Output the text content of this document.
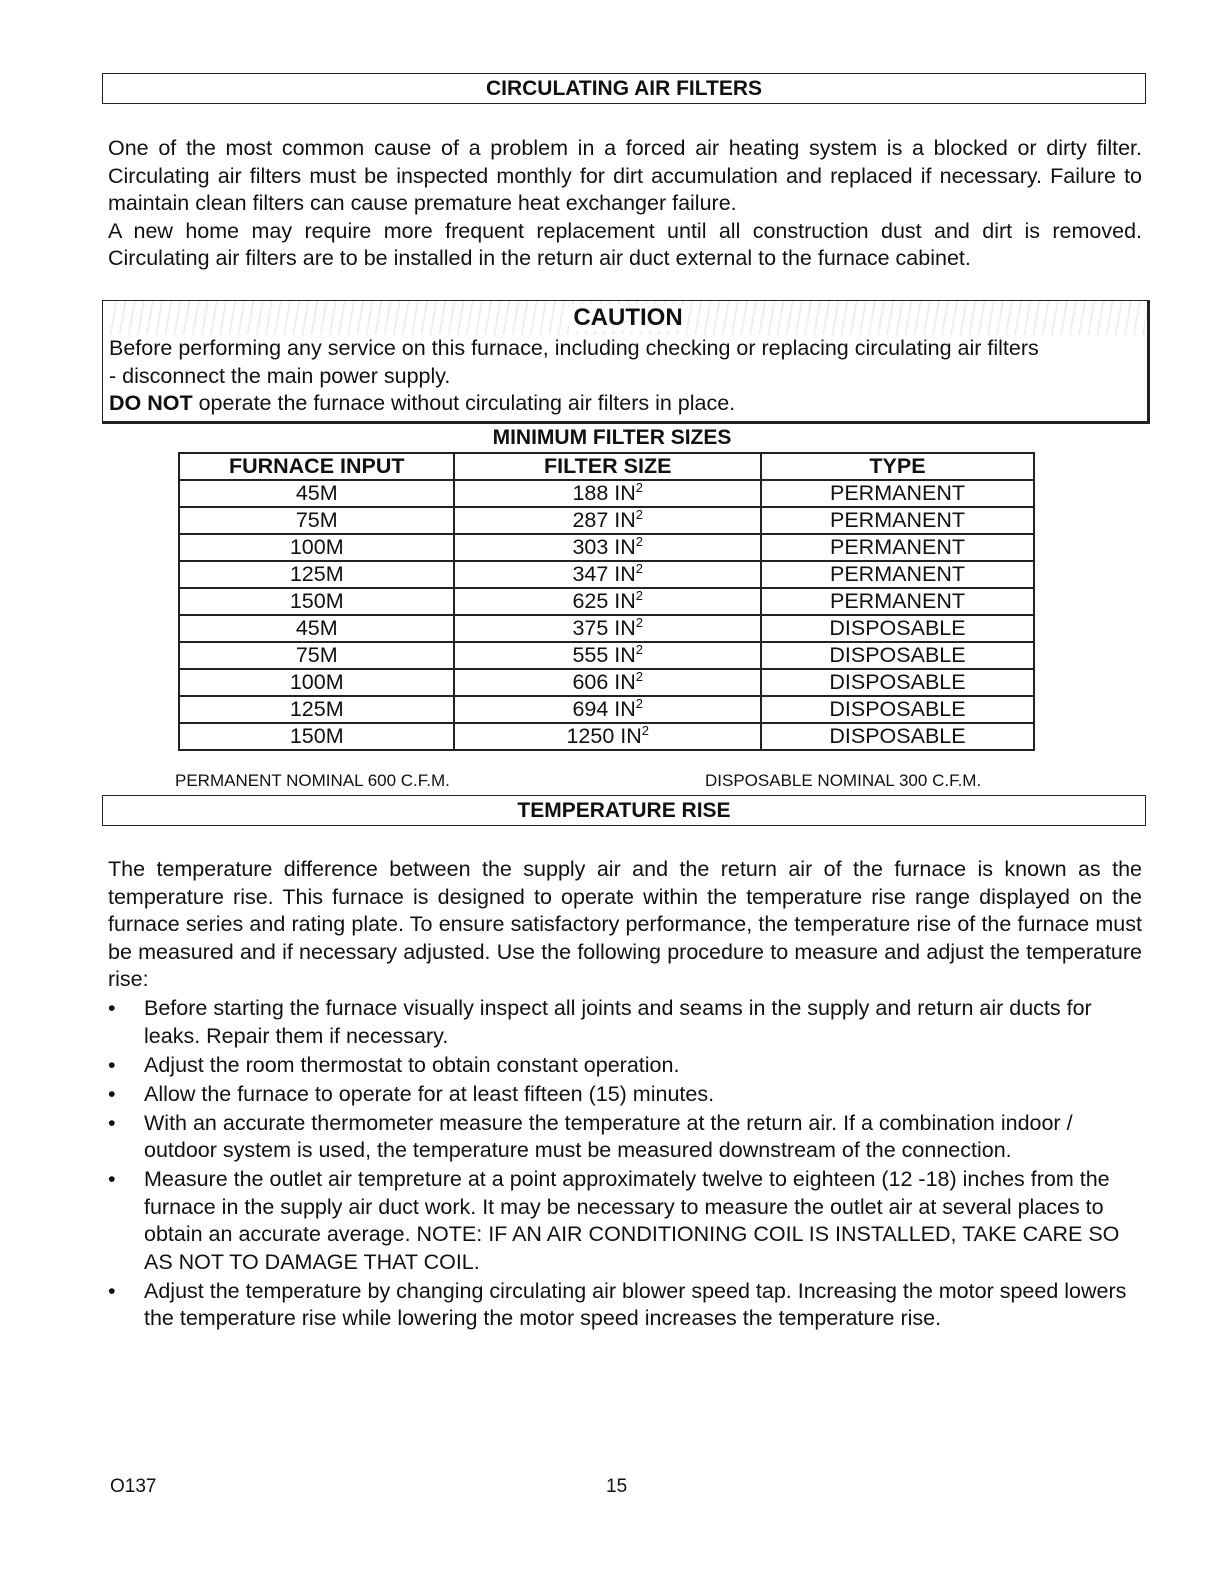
CIRCULATING AIR FILTERS

One of the most common cause of a problem in a forced air heating system is a blocked or dirty filter. Circulating air filters must be inspected monthly for dirt accumulation and replaced if necessary. Failure to maintain clean filters can cause premature heat exchanger failure.

A new home may require more frequent replacement until all construction dust and dirt is removed. Circulating air filters are to be installed in the return air duct external to the furnace cabinet.

CAUTION
Before performing any service on this furnace, including checking or replacing circulating air filters
- disconnect the main power supply.
DO NOT operate the furnace without circulating air filters in place.
MINIMUM FILTER SIZES
FURNACE INPUT	FILTER SIZE	TYPE
45M	188 $IN^2$	PERMANENT
75M	287 $IN^2$	PERMANENT
100M	303 $IN^2$	PERMANENT
125M	347 $IN^2$	PERMANENT
150M	625 $IN^2$	PERMANENT
45M	375 $IN^2$	DISPOSABLE
75M	555 $IN^2$	DISPOSABLE
100M	606 $IN^2$	DISPOSABLE
125M	694 $IN^2$	DISPOSABLE
150M	1250 $IN^2$	DISPOSABLE
PERMANENT NOMINAL 600 C.F.M.	DISPOSABLE NOMINAL 300 C.F.M.
TEMPERATURE RISE

The temperature difference between the supply air and the return air of the furnace is known as the temperature rise. This furnace is designed to operate within the temperature rise range displayed on the furnace series and rating plate. To ensure satisfactory performance, the temperature rise of the furnace must be measured and if necessary adjusted. Use the following procedure to measure and adjust the temperature rise:

•	Before starting the furnace visually inspect all joints and seams in the supply and return air ducts for leaks. Repair them if necessary.
•	Adjust the room thermostat to obtain constant operation.
•	Allow the furnace to operate for at least fifteen (15) minutes.
•	With an accurate thermometer measure the temperature at the return air. If a combination indoor / outdoor system is used, the temperature must be measured downstream of the connection.
•	Measure the outlet air tempreture at a point approximately twelve to eighteen (12 -18) inches from the furnace in the supply air duct work. It may be necessary to measure the outlet air at several places to obtain an accurate average. NOTE: IF AN AIR CONDITIONING COIL IS INSTALLED, TAKE CARE SO AS NOT TO DAMAGE THAT COIL.
•	Adjust the temperature by changing circulating air blower speed tap. Increasing the motor speed lowers the temperature rise while lowering the motor speed increases the temperature rise.
O137	15
